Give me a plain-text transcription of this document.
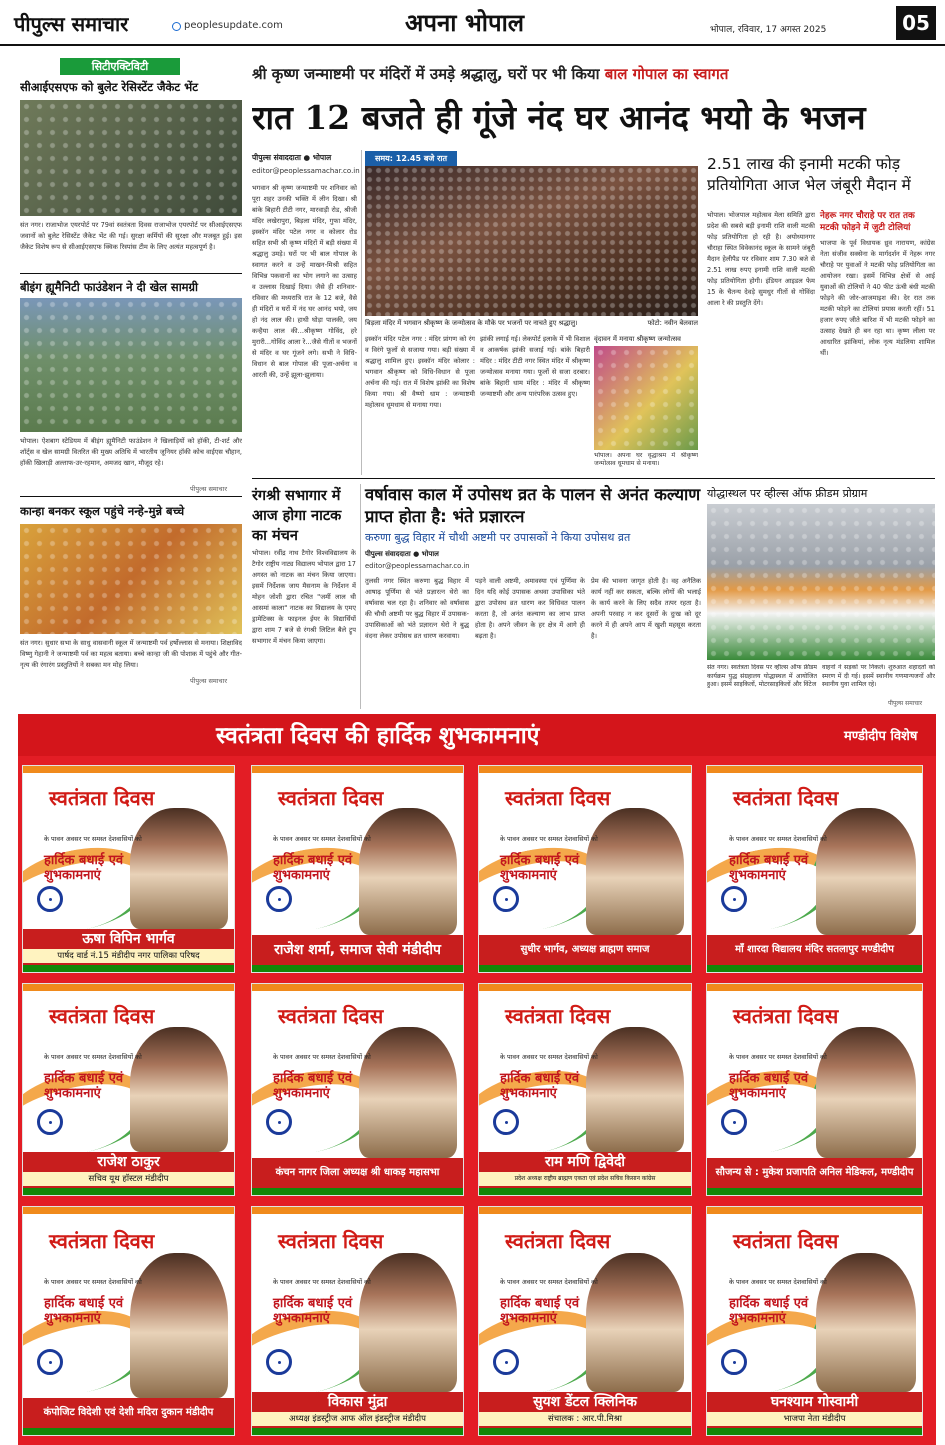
पीपुल्स समाचार	peoplesupdate.com	अपना भोपाल	भोपाल, रविवार, 17 अगस्त 2025	05
सिटीएक्टिविटी
सीआईएसएफ को बुलेट रेसिस्टेंट जैकेट भेंट
संत नगर। राजाभोज एयरपोर्ट पर 79वां स्वतंत्रता दिवस राजाभोज एयरपोर्ट पर सीआईएसएफ जवानों को बुलेट रेसिस्टेंट जैकेट भेंट की गई। सुरक्षा कर्मियों की सुरक्षा और मजबूत हुई। इस जैकेट विशेष रूप से सीआईएसएफ क्विक रिस्पांस टीम के लिए अत्यंत महत्वपूर्ण है।
बीइंग ह्यूमैनिटी फाउंडेशन ने दी खेल सामग्री
भोपाल। ऐशबाग स्टेडियम में बीइंग ह्यूमैनिटी फाउंडेशन ने खिलाड़ियों को हॉकी, टी-शर्ट और शॉर्ट्स व खेल सामग्री वितरित की मुख्य अतिथि में भारतीय जूनियर हॉकी कोच वाईएस चौहान, हॉकी खिलाड़ी अल्ताफ-उर-रहमान, अमजद खान, मौजूद रहे।
पीपुल्स समाचार
कान्हा बनकर स्कूल पहुंचे नन्हे-मुन्ने बच्चे
संत नगर। सुधार सभा के साधु वासवानी स्कूल में जन्माष्टमी पर्व हर्षोल्लास से मनाया। शिक्षाविद विष्णु गेहानी ने जन्माष्टमी पर्व का महत्व बताया। बच्चे कान्हा जी की पोशाक में पहुंचे और गीत-नृत्य की रंगारंग प्रस्तुतियों ने सबका मन मोह लिया।
पीपुल्स समाचार
श्री कृष्ण जन्माष्टमी पर मंदिरों में उमड़े श्रद्धालु, घरों पर भी किया बाल गोपाल का स्वागत
रात 12 बजते ही गूंजे नंद घर आनंद भयो के भजन
पीपुल्स संवाददाता ● भोपाल
editor@peoplessamachar.co.in
भगवान श्री कृष्ण जन्माष्टमी पर शनिवार को पूरा शहर उनकी भक्ति में लीन दिखा। श्री बांके बिहारी टीटी नगर, मारवाड़ी रोड, श्रीजी मंदिर लखेरापुरा, बिड़ला मंदिर, गुफा मंदिर, इस्कॉन मंदिर पटेल नगर व कोलार रोड सहित सभी श्री कृष्ण मंदिरों में बड़ी संख्या में श्रद्धालु उमड़े। घरों पर भी बाल गोपाल के स्वागत करने व उन्हें माखन-मिश्री सहित विभिन्न पकवानों का भोग लगाने का उत्साह व उल्लास दिखाई दिया। जैसे ही शनिवार-रविवार की मध्यरात्रि रात के 12 बजे, वैसे ही मंदिरों व घरों में नंद घर आनंद भयो, जय हो नंद लाल की। हाथी घोड़ा पालकी, जय कन्हैया लाल की...श्रीकृष्ण गोविंद, हरे मुरारी...गोविंद आला रे...जैसे गीतों व भजनों से मंदिर व घर गूंजने लगे। सभी ने विधि-विधान से बाल गोपाल की पूजा-अर्चना व आरती की, उन्हें झूला-झुलाया।
समय: 12.45 बजे रात
बिड़ला मंदिर में भगवान श्रीकृष्ण के जन्मोत्सव के मौके पर भजनों पर नाचते हुए श्रद्धालु।	फोटो: नवीन बेलवाल
इस्कॉन मंदिर पटेल नगर : मंदिर प्रांगण को रंग व विरंगे फूलों से सजाया गया। बड़ी संख्या में श्रद्धालु शामिल हुए। इस्कॉन मंदिर कोलार : भगवान श्रीकृष्ण को विधि-विधान से पूजा अर्चना की गई। रात में विशेष झांकी का विशेष किया गया। श्री वैष्णो धाम : जन्माष्टमी महोत्सव धूमधाम से मनाया गया।
झांकी लगाई गई। लेकपोर्ट इलाके में भी विशाल व आकर्षक झांकी सजाई गई। बांके बिहारी मंदिर : मंदिर टीटी नगर स्थित मंदिर में श्रीकृष्ण जन्मोत्सव मनाया गया। फूलों से सजा दरबार। बांके बिहारी धाम मंदिर : मंदिर में श्रीकृष्ण जन्माष्टमी और अन्य पारंपरिक उत्सव हुए।
वृंदावन में मनाया श्रीकृष्ण जन्मोत्सव
भोपाल। अपना घर वृद्धाश्रम में श्रीकृष्ण जन्मोत्सव धूमधाम से मनाया।
2.51 लाख की इनामी मटकी फोड़ प्रतियोगिता आज भेल जंबूरी मैदान में
भोपाल। भोजपाल महोत्सव मेला समिति द्वारा प्रदेश की सबसे बड़ी इनामी राशि वाली मटकी फोड़ प्रतियोगिता हो रही है। अयोध्यानगर चौराहा स्थित विवेकानंद स्कूल के सामने जंबूरी मैदान हेलीपैड पर रविवार शाम 7.30 बजे से 2.51 लाख रुपए इनामी राशि वाली मटकी फोड़ प्रतियोगिता होगी। इंडियन आइडल फेम 15 के चैतन्य देवड़े सुमधुर गीतों से गोविंदा आला रे की प्रस्तुति देंगे।
नेहरू नगर चौराहे पर रात तक मटकी फोड़ने में जुटी टोलियां
भाजपा के पूर्व विधायक ध्रुव नारायण, कांग्रेस नेता संजीव सक्सेना के मार्गदर्शन में नेहरू नगर चौराहे पर युवाओं ने मटकी फोड़ प्रतियोगिता का आयोजन रखा। इसमें विभिन्न क्षेत्रों से आई युवाओं की टोलियों ने 40 फीट ऊंची बंधी मटकी फोड़ने की जोर-आजमाइश की। देर रात तक मटकी फोड़ने का टोलियां प्रयास करती रहीं। 51 हजार रुपए जीते बारिश में भी मटकी फोड़ने का उत्साह देखते ही बन रहा था। कृष्ण लीला पर आधारित झांकियां, लोक नृत्य मंडलिया शामिल थीं।
रंगश्री सभागार में आज होगा नाटक का मंचन
भोपाल। रवींद्र नाथ टैगोर विश्वविद्यालय के टैगोर राष्ट्रीय नाट्य विद्यालय भोपाल द्वारा 17 अगस्त को नाटक का मंचन किया जाएगा। इसमें निर्देशक जाय मैसनाम के निर्देशन में मोहन जोशी द्वारा रचित "जमीं लाल थी आसमां काला" नाटक का विद्यालय के एमए ड्रामेटिक्स के फाइनल ईयर के विद्यार्थियों द्वारा शाम 7 बजे से रंगश्री लिटिल बैले ट्रूप सभागार में मंचन किया जाएगा।
वर्षावास काल में उपोसथ व्रत के पालन से अनंत कल्याण प्राप्त होता है: भंते प्रज्ञारत्न
करुणा बुद्ध विहार में चौथी अष्टमी पर उपासकों ने किया उपोसथ व्रत
पीपुल्स संवाददाता ● भोपाल
editor@peoplessamachar.co.in
तुलसी नगर स्थित करुणा बुद्ध विहार में आषाढ़ पूर्णिमा से भंते प्रज्ञारत्न थेरो का वर्षावास चल रहा है। शनिवार को वर्षावास की चौथी अष्टमी पर बुद्ध विहार में उपासक-उपासिकाओं को भंते प्रज्ञारत्न थेरो ने बुद्ध वंदना लेकर उपोसथ व्रत धारण करवाया।
पड़ने वाली अष्टमी, अमावस्या एवं पूर्णिमा के दिन यदि कोई उपासक अथवा उपासिका भंते द्वारा उपोसथ व्रत धारण कर विधिवत पालन करता है, तो अनंत कल्याण का लाभ प्राप्त होता है। अपने जीवन के हर क्षेत्र में आगे ही बढ़ता है।
प्रेम की भावना जागृत होती है। वह अनैतिक कार्य नहीं कर सकता, बल्कि लोगों की भलाई के कार्य करने के लिए सदैव तत्पर रहता है। अपनी परवाह न कर दूसरों के दुःख को दूर करने में ही अपने आप में खुशी महसूस करता है।
योद्धास्थल पर व्हील्स ऑफ फ्रीडम प्रोग्राम
संत नगर। स्वतंत्रता दिवस पर व्हील्स ऑफ फ्रीडम कार्यक्रम युद्ध संग्रहालय योद्धास्थल में आयोजित हुआ। इसमें साइकिलों, मोटरसाइकिलों और विंटेज
वाहनों ने सड़कों पर निकले। शुरुआत शहादतों को स्मरण में दी गई। इसमें स्थानीय गणमान्यजनों और स्थानीय युवा शामिल रहे।
पीपुल्स समाचार
स्वतंत्रता दिवस की हार्दिक शुभकामनाएं	मण्डीदीप विशेष
स्वतंत्रता दिवस
के पावन अवसर पर समस्त देशवासियों को
हार्दिक बधाई एवं शुभकामनाएं
ऊषा विपिन भार्गव
पार्षद वार्ड नं.15 मंडीदीप नगर पालिका परिषद
स्वतंत्रता दिवस
के पावन अवसर पर समस्त देशवासियों को
हार्दिक बधाई एवं शुभकामनाएं
राजेश शर्मा, समाज सेवी मंडीदीप
स्वतंत्रता दिवस
के पावन अवसर पर समस्त देशवासियों को
हार्दिक बधाई एवं शुभकामनाएं
सुधीर भार्गव, अध्यक्ष ब्राह्मण समाज
स्वतंत्रता दिवस
के पावन अवसर पर समस्त देशवासियों को
हार्दिक बधाई एवं शुभकामनाएं
माँ शारदा विद्यालय मंदिर सतलापुर मण्डीदीप
स्वतंत्रता दिवस
के पावन अवसर पर समस्त देशवासियों को
हार्दिक बधाई एवं शुभकामनाएं
राजेश ठाकुर
सचिव यूथ हॉस्टल मंडीदीप
स्वतंत्रता दिवस
के पावन अवसर पर समस्त देशवासियों को
हार्दिक बधाई एवं शुभकामनाएं
कंचन नागर जिला अध्यक्ष श्री धाकड़ महासभा
स्वतंत्रता दिवस
के पावन अवसर पर समस्त देशवासियों को
हार्दिक बधाई एवं शुभकामनाएं
राम मणि द्विवेदी
प्रदेश अध्यक्ष राष्ट्रीय ब्राह्मण एकता एवं प्रदेश सचिव किसान कांग्रेस
स्वतंत्रता दिवस
के पावन अवसर पर समस्त देशवासियों को
हार्दिक बधाई एवं शुभकामनाएं
सौजन्य से : मुकेश प्रजापति अनिल मेडिकल, मण्डीदीप
स्वतंत्रता दिवस
के पावन अवसर पर समस्त देशवासियों को
हार्दिक बधाई एवं शुभकामनाएं
कंपोजिट विदेशी एवं देशी मदिरा दुकान मंडीदीप
स्वतंत्रता दिवस
के पावन अवसर पर समस्त देशवासियों को
हार्दिक बधाई एवं शुभकामनाएं
विकास मुंद्रा
अध्यक्ष इंडस्ट्रीज आफ ऑल इंडस्ट्रीज मंडीदीप
स्वतंत्रता दिवस
के पावन अवसर पर समस्त देशवासियों को
हार्दिक बधाई एवं शुभकामनाएं
सुयश डेंटल क्लिनिक
संचालक : आर.पी.मिश्रा
स्वतंत्रता दिवस
के पावन अवसर पर समस्त देशवासियों को
हार्दिक बधाई एवं शुभकामनाएं
घनश्याम गोस्वामी
भाजपा नेता मंडीदीप
